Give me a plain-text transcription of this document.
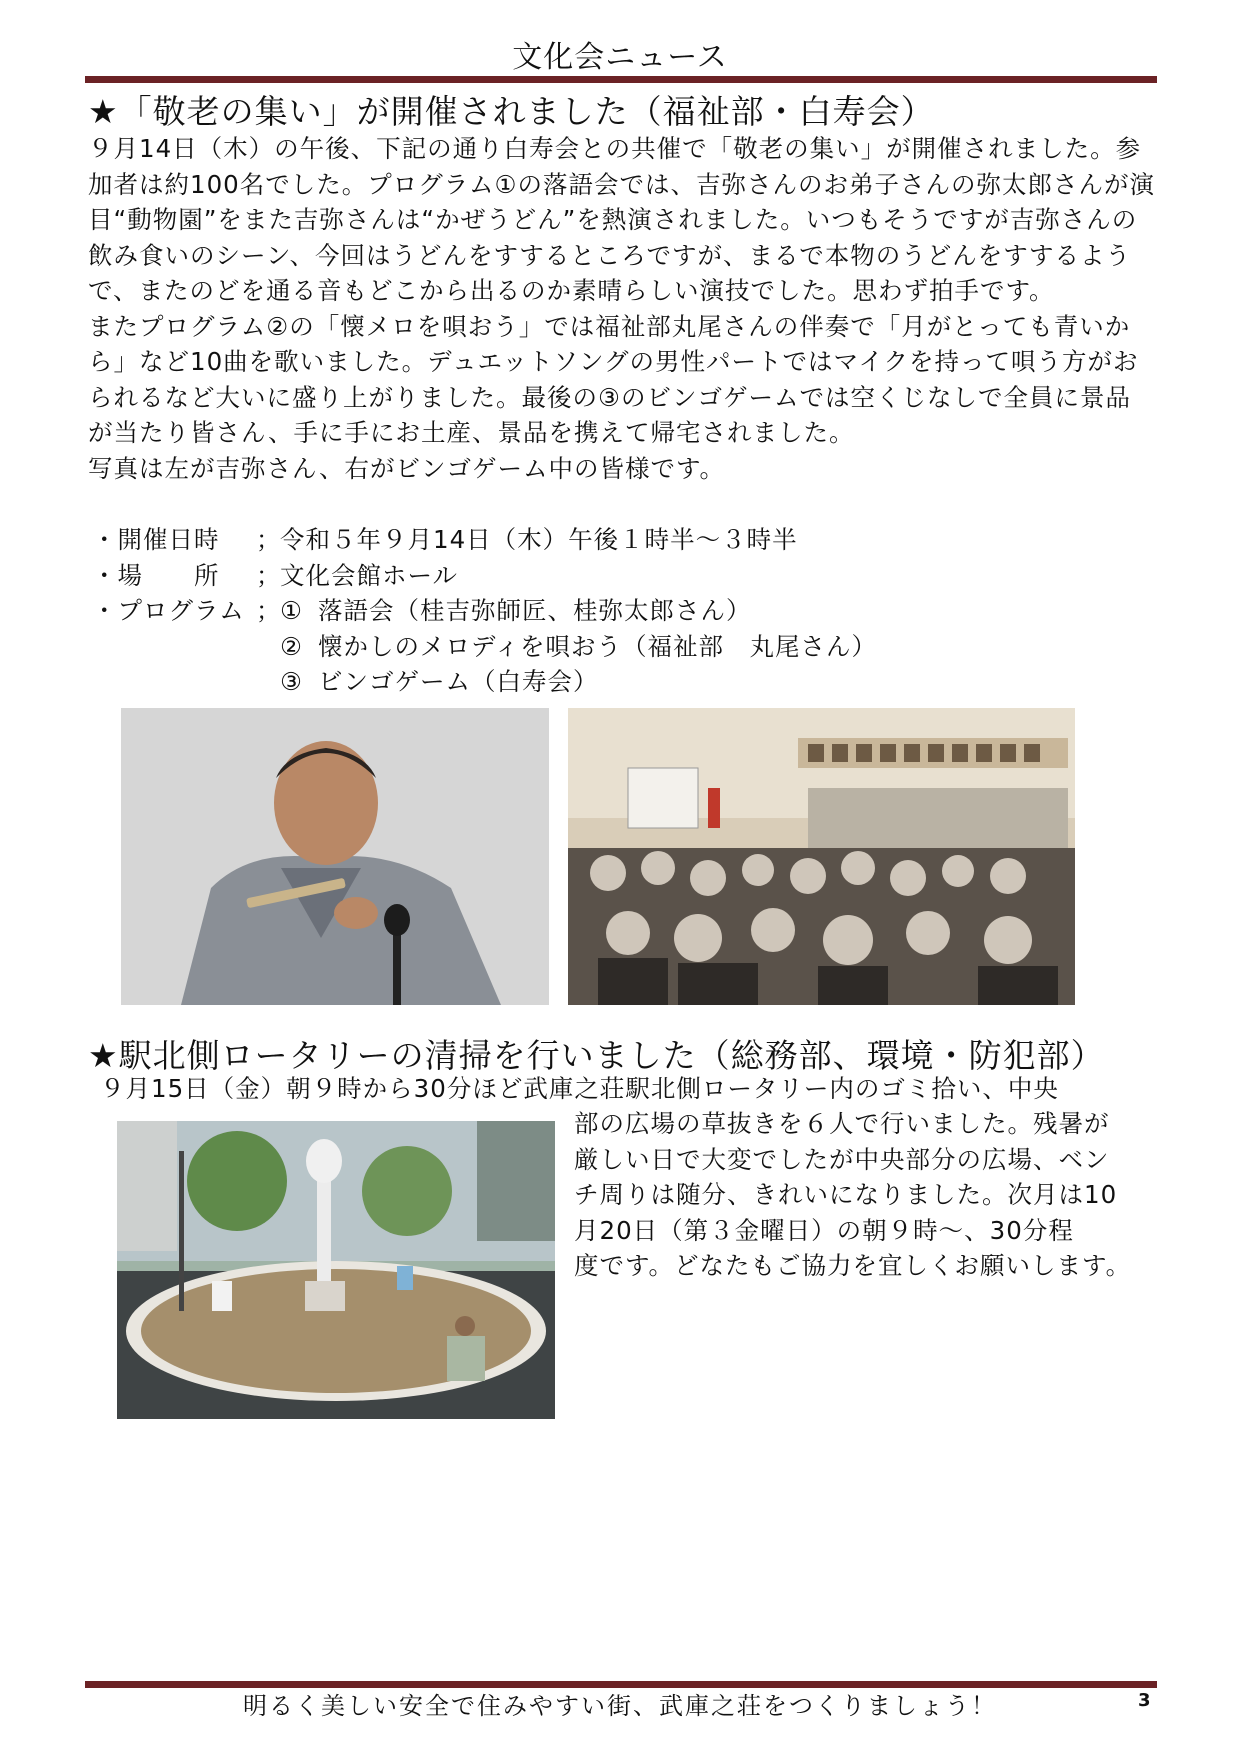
文化会ニュース
★「敬老の集い」が開催されました（福祉部・白寿会）

９月14日（木）の午後、下記の通り白寿会との共催で「敬老の集い」が開催されました。参加者は約100名でした。プログラム①の落語会では、吉弥さんのお弟子さんの弥太郎さんが演目“動物園”をまた吉弥さんは“かぜうどん”を熱演されました。いつもそうですが吉弥さんの飲み食いのシーン、今回はうどんをすするところですが、まるで本物のうどんをすするようで、またのどを通る音もどこから出るのか素晴らしい演技でした。思わず拍手です。

またプログラム②の「懐メロを唄おう」では福祉部丸尾さんの伴奏で「月がとっても青いから」など10曲を歌いました。デュエットソングの男性パートではマイクを持って唄う方がおられるなど大いに盛り上がりました。最後の③のビンゴゲームでは空くじなしで全員に景品が当たり皆さん、手に手にお土産、景品を携えて帰宅されました。

写真は左が吉弥さん、右がビンゴゲーム中の皆様です。

・開催日時	；
令和５年９月14日（木）午後１時半～３時半
・場　　所	；
文化会館ホール
・プログラム ；
① 落語会（桂吉弥師匠、桂弥太郎さん）
② 懐かしのメロディを唄おう（福祉部　丸尾さん）
③ ビンゴゲーム（白寿会）
★駅北側ロータリーの清掃を行いました（総務部、環境・防犯部）
９月15日（金）朝９時から30分ほど武庫之荘駅北側ロータリー内のゴミ拾い、中央
部の広場の草抜きを６人で行いました。残暑が
厳しい日で大変でしたが中央部分の広場、ベン
チ周りは随分、きれいになりました。次月は10
月20日（第３金曜日）の朝９時～、30分程
度です。どなたもご協力を宜しくお願いします。
明るく美しい安全で住みやすい街、武庫之荘をつくりましょう！	3
